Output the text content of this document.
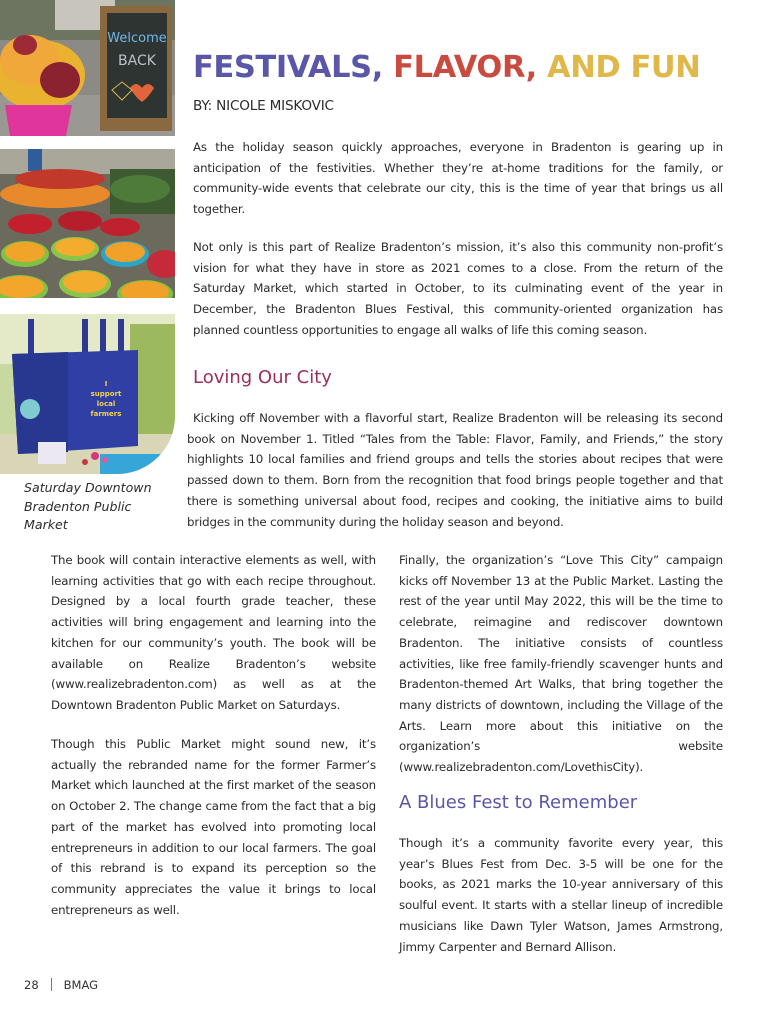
Welcome
BACK
I
support
local
farmers
Saturday Downtown Bradenton Public Market
FESTIVALS, FLAVOR, AND FUN
BY: NICOLE MISKOVIC

As the holiday season quickly approaches, everyone in Bradenton is gearing up in anticipation of the festivities. Whether they’re at-home traditions for the family, or community-wide events that celebrate our city, this is the time of year that brings us all together.

Not only is this part of Realize Bradenton’s mission, it’s also this community non-profit’s vision for what they have in store as 2021 comes to a close. From the return of the Saturday Market, which started in October, to its culminating event of the year in December, the Bradenton Blues Festival, this community-oriented organization has planned countless opportunities to engage all walks of life this coming season.

Loving Our City

Kicking off November with a flavorful start, Realize Bradenton will be releasing its second book on November 1. Titled “Tales from the Table: Flavor, Family, and Friends,” the story highlights 10 local families and friend groups and tells the stories about recipes that were passed down to them. Born from the recognition that food brings people together and that there is something universal about food, recipes and cooking, the initiative aims to build bridges in the community during the holiday season and beyond.

The book will contain interactive elements as well, with learning activities that go with each recipe throughout. Designed by a local fourth grade teacher, these activities will bring engagement and learning into the kitchen for our community’s youth. The book will be available on Realize Bradenton’s website (www.realizebradenton.com) as well as at the Downtown Bradenton Public Market on Saturdays.

Though this Public Market might sound new, it’s actually the rebranded name for the former Farmer’s Market which launched at the first market of the season on October 2. The change came from the fact that a big part of the market has evolved into promoting local entrepreneurs in addition to our local farmers. The goal of this rebrand is to expand its perception so the community appreciates the value it brings to local entrepreneurs as well.

Finally, the organization’s “Love This City” campaign kicks off November 13 at the Public Market. Lasting the rest of the year until May 2022, this will be the time to celebrate, reimagine and rediscover downtown Bradenton. The initiative consists of countless activities, like free family-friendly scavenger hunts and Bradenton-themed Art Walks, that bring together the many districts of downtown, including the Village of the Arts. Learn more about this initiative on the organization’s website (www.realizebradenton.com/LovethisCity).

A Blues Fest to Remember

Though it’s a community favorite every year, this year’s Blues Fest from Dec. 3-5 will be one for the books, as 2021 marks the 10-year anniversary of this soulful event. It starts with a stellar lineup of incredible musicians like Dawn Tyler Watson, James Armstrong, Jimmy Carpenter and Bernard Allison.

28 BMAG
